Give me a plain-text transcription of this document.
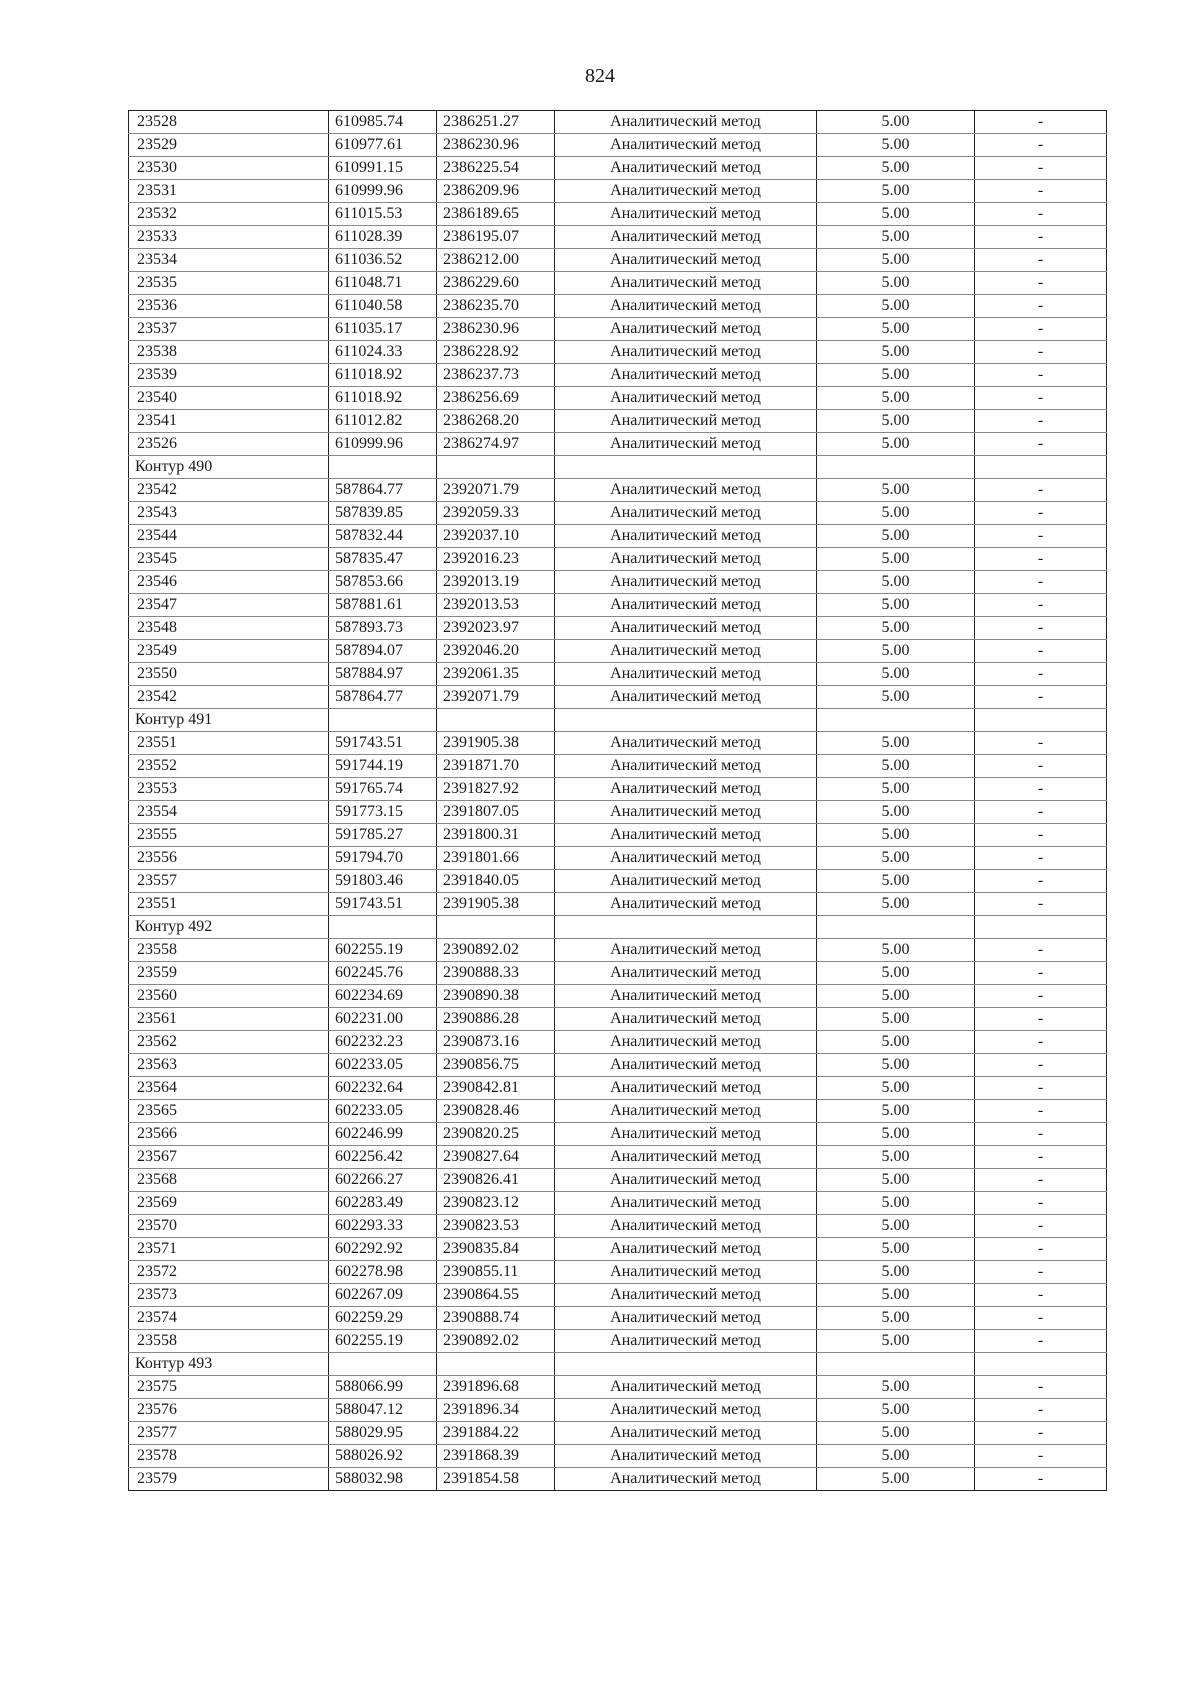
824
23528	610985.74	2386251.27	Аналитический метод	5.00	-
23529	610977.61	2386230.96	Аналитический метод	5.00	-
23530	610991.15	2386225.54	Аналитический метод	5.00	-
23531	610999.96	2386209.96	Аналитический метод	5.00	-
23532	611015.53	2386189.65	Аналитический метод	5.00	-
23533	611028.39	2386195.07	Аналитический метод	5.00	-
23534	611036.52	2386212.00	Аналитический метод	5.00	-
23535	611048.71	2386229.60	Аналитический метод	5.00	-
23536	611040.58	2386235.70	Аналитический метод	5.00	-
23537	611035.17	2386230.96	Аналитический метод	5.00	-
23538	611024.33	2386228.92	Аналитический метод	5.00	-
23539	611018.92	2386237.73	Аналитический метод	5.00	-
23540	611018.92	2386256.69	Аналитический метод	5.00	-
23541	611012.82	2386268.20	Аналитический метод	5.00	-
23526	610999.96	2386274.97	Аналитический метод	5.00	-
Контур 490					
23542	587864.77	2392071.79	Аналитический метод	5.00	-
23543	587839.85	2392059.33	Аналитический метод	5.00	-
23544	587832.44	2392037.10	Аналитический метод	5.00	-
23545	587835.47	2392016.23	Аналитический метод	5.00	-
23546	587853.66	2392013.19	Аналитический метод	5.00	-
23547	587881.61	2392013.53	Аналитический метод	5.00	-
23548	587893.73	2392023.97	Аналитический метод	5.00	-
23549	587894.07	2392046.20	Аналитический метод	5.00	-
23550	587884.97	2392061.35	Аналитический метод	5.00	-
23542	587864.77	2392071.79	Аналитический метод	5.00	-
Контур 491					
23551	591743.51	2391905.38	Аналитический метод	5.00	-
23552	591744.19	2391871.70	Аналитический метод	5.00	-
23553	591765.74	2391827.92	Аналитический метод	5.00	-
23554	591773.15	2391807.05	Аналитический метод	5.00	-
23555	591785.27	2391800.31	Аналитический метод	5.00	-
23556	591794.70	2391801.66	Аналитический метод	5.00	-
23557	591803.46	2391840.05	Аналитический метод	5.00	-
23551	591743.51	2391905.38	Аналитический метод	5.00	-
Контур 492					
23558	602255.19	2390892.02	Аналитический метод	5.00	-
23559	602245.76	2390888.33	Аналитический метод	5.00	-
23560	602234.69	2390890.38	Аналитический метод	5.00	-
23561	602231.00	2390886.28	Аналитический метод	5.00	-
23562	602232.23	2390873.16	Аналитический метод	5.00	-
23563	602233.05	2390856.75	Аналитический метод	5.00	-
23564	602232.64	2390842.81	Аналитический метод	5.00	-
23565	602233.05	2390828.46	Аналитический метод	5.00	-
23566	602246.99	2390820.25	Аналитический метод	5.00	-
23567	602256.42	2390827.64	Аналитический метод	5.00	-
23568	602266.27	2390826.41	Аналитический метод	5.00	-
23569	602283.49	2390823.12	Аналитический метод	5.00	-
23570	602293.33	2390823.53	Аналитический метод	5.00	-
23571	602292.92	2390835.84	Аналитический метод	5.00	-
23572	602278.98	2390855.11	Аналитический метод	5.00	-
23573	602267.09	2390864.55	Аналитический метод	5.00	-
23574	602259.29	2390888.74	Аналитический метод	5.00	-
23558	602255.19	2390892.02	Аналитический метод	5.00	-
Контур 493					
23575	588066.99	2391896.68	Аналитический метод	5.00	-
23576	588047.12	2391896.34	Аналитический метод	5.00	-
23577	588029.95	2391884.22	Аналитический метод	5.00	-
23578	588026.92	2391868.39	Аналитический метод	5.00	-
23579	588032.98	2391854.58	Аналитический метод	5.00	-
